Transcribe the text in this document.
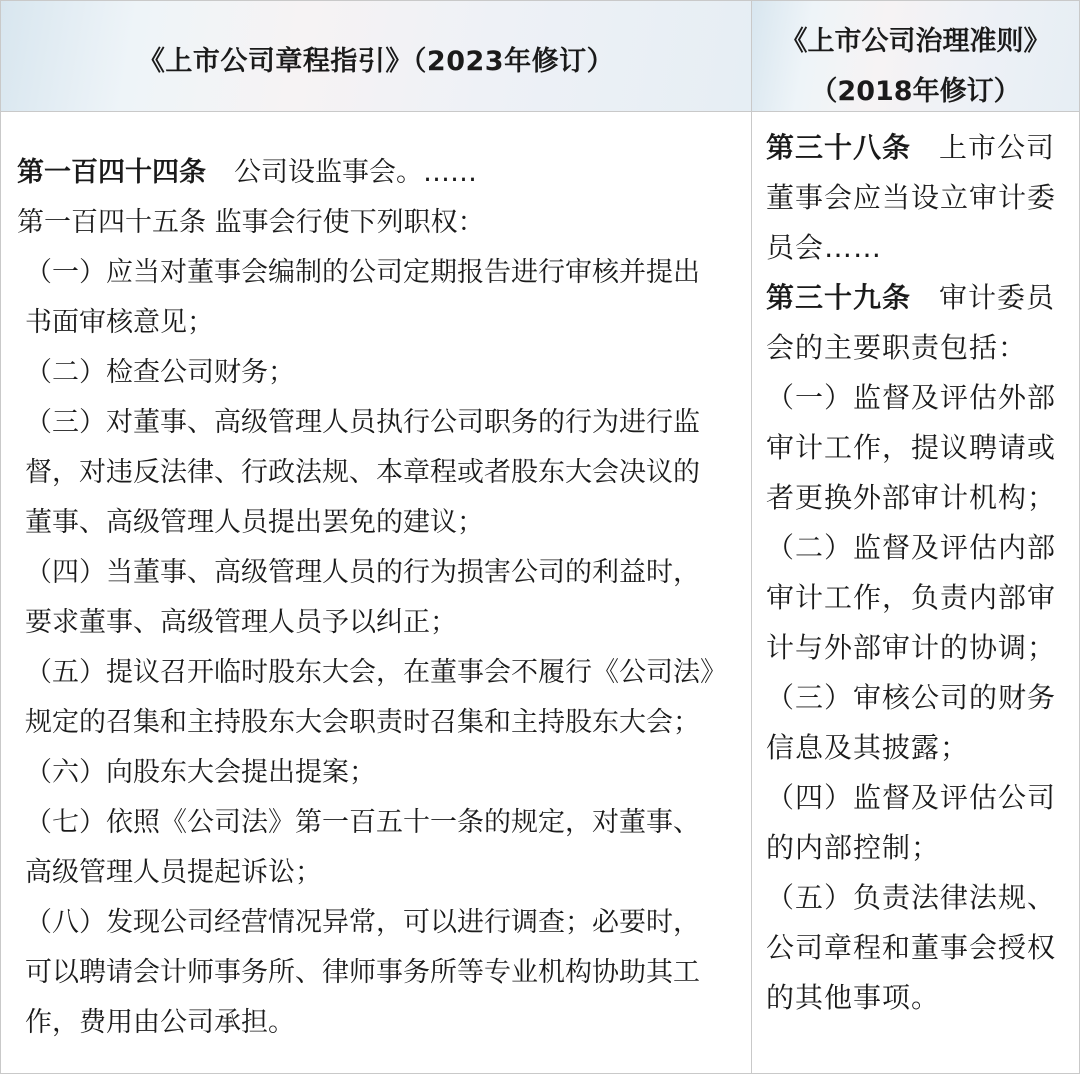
《上市公司章程指引》（2023年修订）
《上市公司治理准则》
（2018年修订）
第一百四十四条 公司设监事会。……
第一百四十五条 监事会行使下列职权：
（一）应当对董事会编制的公司定期报告进行审核并提出
书面审核意见；
（二）检查公司财务；
（三）对董事、高级管理人员执行公司职务的行为进行监
督，对违反法律、行政法规、本章程或者股东大会决议的
董事、高级管理人员提出罢免的建议；
（四）当董事、高级管理人员的行为损害公司的利益时，
要求董事、高级管理人员予以纠正；
（五）提议召开临时股东大会，在董事会不履行《公司法》
规定的召集和主持股东大会职责时召集和主持股东大会；
（六）向股东大会提出提案；
（七）依照《公司法》第一百五十一条的规定，对董事、
高级管理人员提起诉讼；
（八）发现公司经营情况异常，可以进行调查；必要时，
可以聘请会计师事务所、律师事务所等专业机构协助其工
作，费用由公司承担。
第三十八条 上市公司
董事会应当设立审计委
员会……
第三十九条 审计委员
会的主要职责包括：
（一）监督及评估外部
审计工作，提议聘请或
者更换外部审计机构；
（二）监督及评估内部
审计工作，负责内部审
计与外部审计的协调；
（三）审核公司的财务
信息及其披露；
（四）监督及评估公司
的内部控制；
（五）负责法律法规、
公司章程和董事会授权
的其他事项。
